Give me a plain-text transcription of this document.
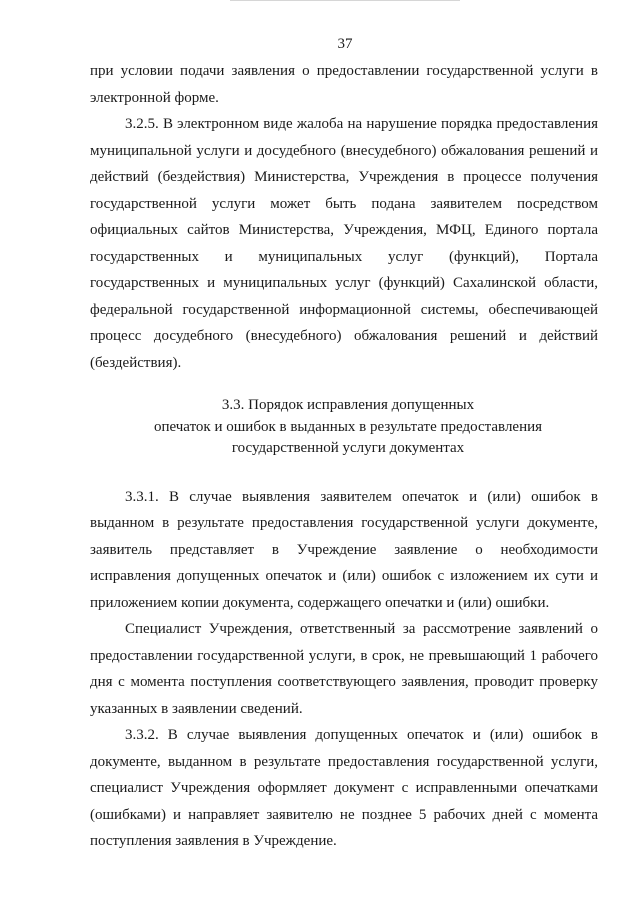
37

при условии подачи заявления о предоставлении государственной услуги в электронной форме.

3.2.5. В электронном виде жалоба на нарушение порядка предоставления муниципальной услуги и досудебного (внесудебного) обжалования решений и действий (бездействия) Министерства, Учреждения в процессе получения государственной услуги может быть подана заявителем посредством официальных сайтов Министерства, Учреждения, МФЦ, Единого портала государственных и муниципальных услуг (функций), Портала государственных и муниципальных услуг (функций) Сахалинской области, федеральной государственной информационной системы, обеспечивающей процесс досудебного (внесудебного) обжалования решений и действий (бездействия).

3.3. Порядок исправления допущенных
опечаток и ошибок в выданных в результате предоставления
государственной услуги документах

3.3.1. В случае выявления заявителем опечаток и (или) ошибок в выданном в результате предоставления государственной услуги документе, заявитель представляет в Учреждение заявление о необходимости исправления допущенных опечаток и (или) ошибок с изложением их сути и приложением копии документа, содержащего опечатки и (или) ошибки.

Специалист Учреждения, ответственный за рассмотрение заявлений о предоставлении государственной услуги, в срок, не превышающий 1 рабочего дня с момента поступления соответствующего заявления, проводит проверку указанных в заявлении сведений.

3.3.2. В случае выявления допущенных опечаток и (или) ошибок в документе, выданном в результате предоставления государственной услуги, специалист Учреждения оформляет документ с исправленными опечатками (ошибками) и направляет заявителю не позднее 5 рабочих дней с момента поступления заявления в Учреждение.
